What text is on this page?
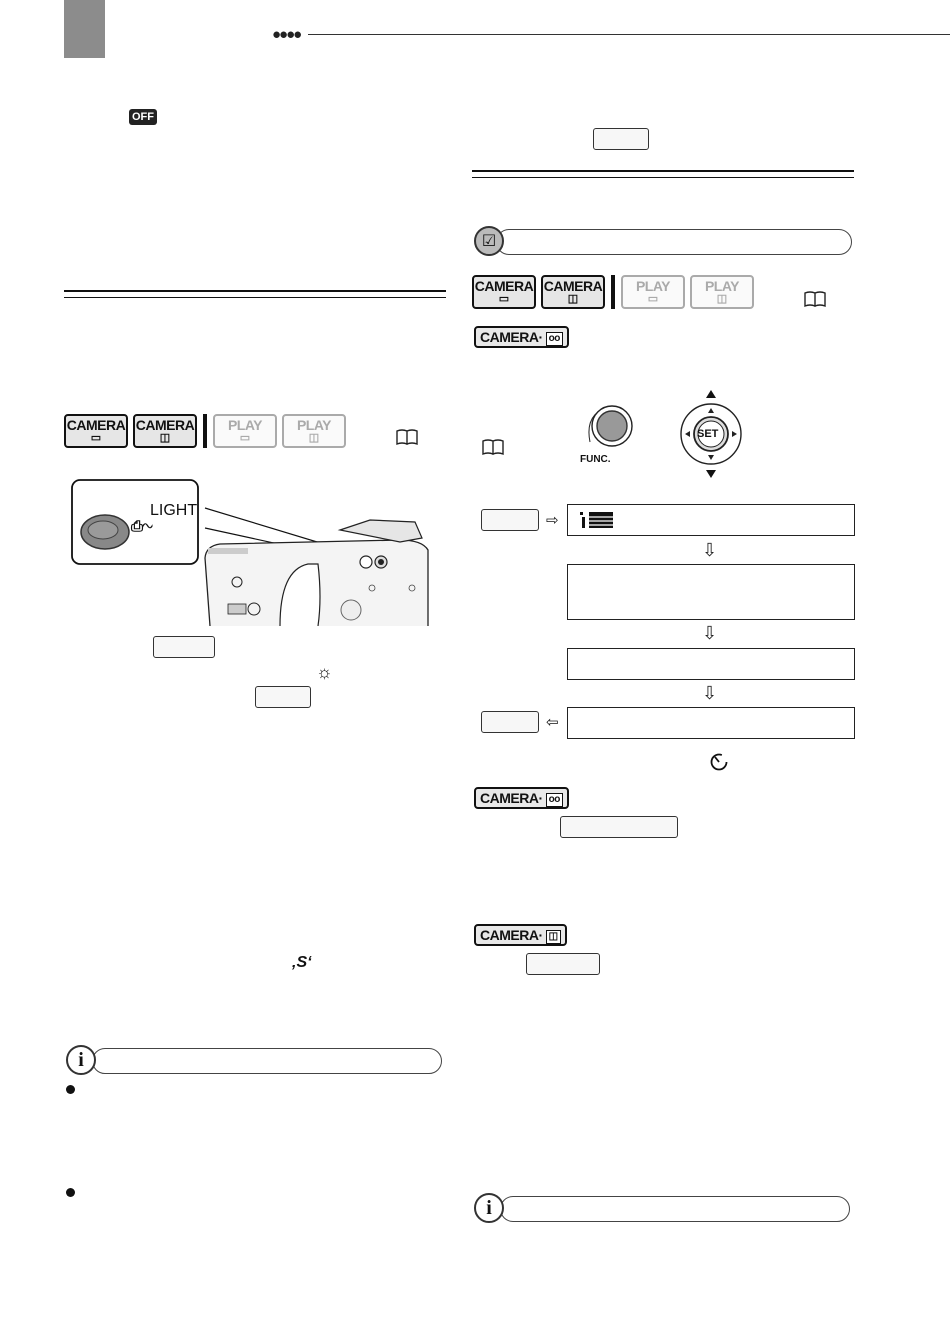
●●●●
OFF
CAMERA
▭
CAMERA
◫
PLAY
▭
PLAY
◫
LIGHT
⎙∿
☼
‚S‘
i
☑
CAMERA
▭
CAMERA
◫
PLAY
▭
PLAY
◫
CAMERA· oo
FUNC.
SET
⇨
⇩
⇩
⇩
⇦
CAMERA· oo
CAMERA· ◫
i
